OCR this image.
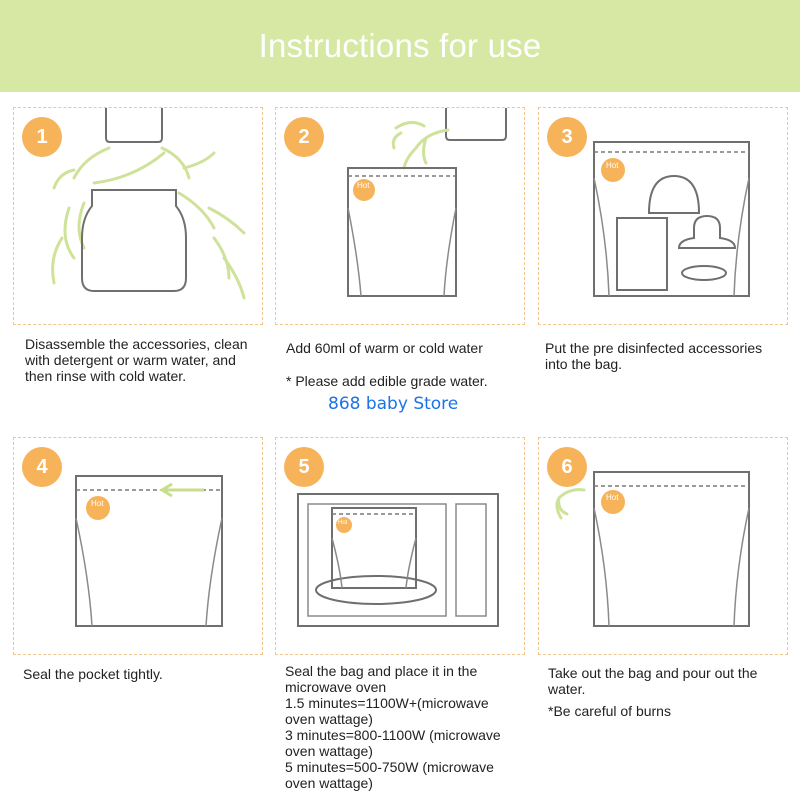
Instructions for use
1
Hot
2
Hot
3
Hot
4
Hot
5
Hot
6

Disassemble the accessories, clean

with detergent or warm water, and

then rinse with cold water.

Add 60ml of warm or cold water

* Please add edible grade water.
868 baby Store

Put the pre disinfected accessories

into the bag.

Seal the pocket tightly.	Seal the bag and place it in the

microwave oven

1.5 minutes=1100W+(microwave

oven wattage)

3 minutes=800-1100W (microwave

oven wattage)

5 minutes=500-750W (microwave

oven wattage)

Take out the bag and pour out the

water.

*Be careful of burns
